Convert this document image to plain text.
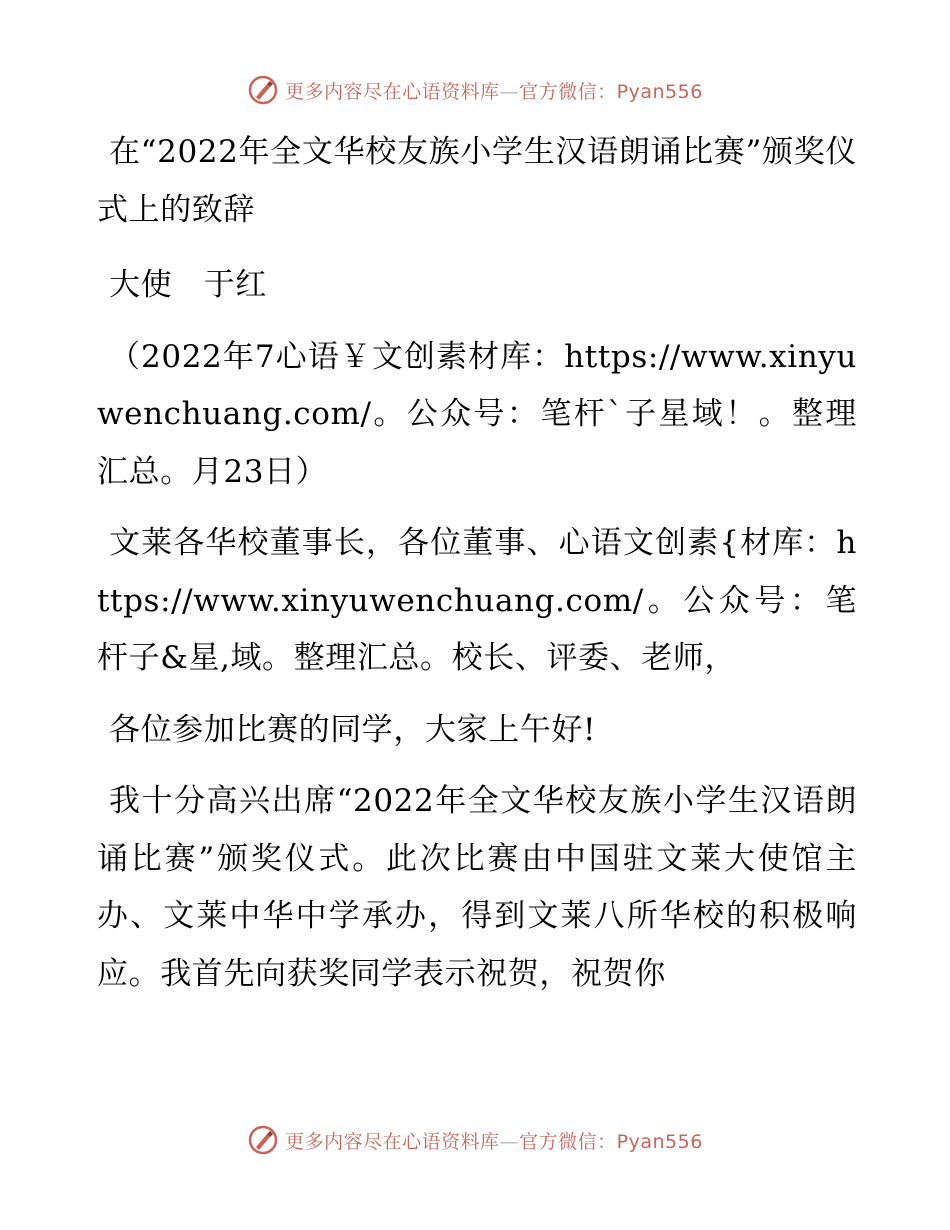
更多内容尽在心语资料库—官方微信：Pyan556

在“2022年全文华校友族小学生汉语朗诵比赛”颁奖仪式上的致辞

大使　于红

（2022年7心语￥文创素材库：https://www.xinyuwenchuang.com/。公众号：笔杆`子星域！。整理汇总。月23日）

文莱各华校董事长，各位董事、心语文创素{材库：https://www.xinyuwenchuang.com/。公众号：笔杆子&星,域。整理汇总。校长、评委、老师，

各位参加比赛的同学，大家上午好!

我十分高兴出席“2022年全文华校友族小学生汉语朗诵比赛”颁奖仪式。此次比赛由中国驻文莱大使馆主办、文莱中华中学承办，得到文莱八所华校的积极响应。我首先向获奖同学表示祝贺，祝贺你

更多内容尽在心语资料库—官方微信：Pyan556
